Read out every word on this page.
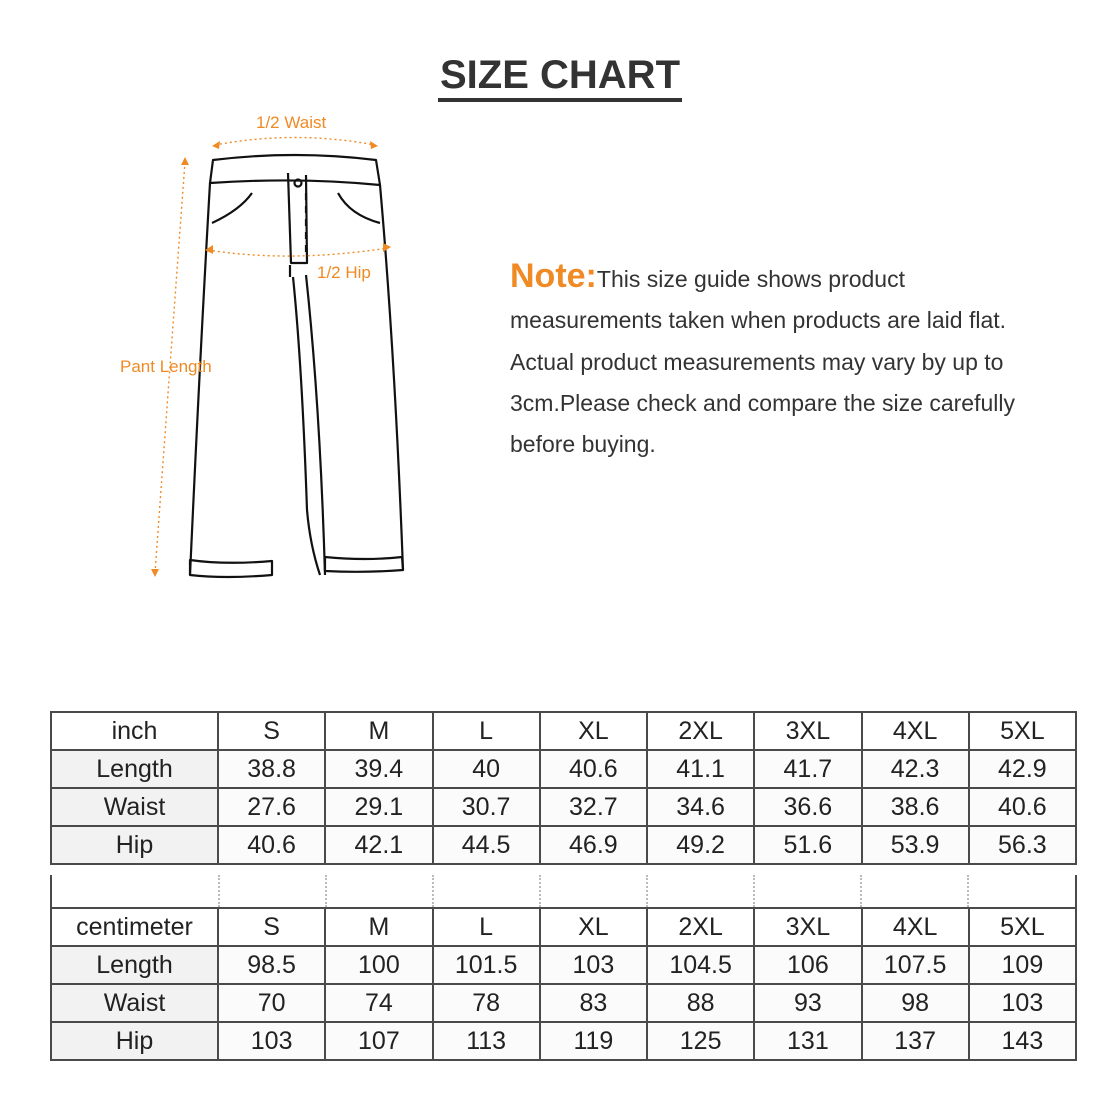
SIZE CHART
1/2 Waist
1/2 Hip
Pant Length
Note:This size guide shows product measurements taken when products are laid flat. Actual product measurements may vary by up to 3cm.Please check and compare the size carefully before buying.
inch	S	M	L	XL	2XL	3XL	4XL	5XL
Length	38.8	39.4	40	40.6	41.1	41.7	42.3	42.9
Waist	27.6	29.1	30.7	32.7	34.6	36.6	38.6	40.6
Hip	40.6	42.1	44.5	46.9	49.2	51.6	53.9	56.3
centimeter	S	M	L	XL	2XL	3XL	4XL	5XL
Length	98.5	100	101.5	103	104.5	106	107.5	109
Waist	70	74	78	83	88	93	98	103
Hip	103	107	113	119	125	131	137	143
